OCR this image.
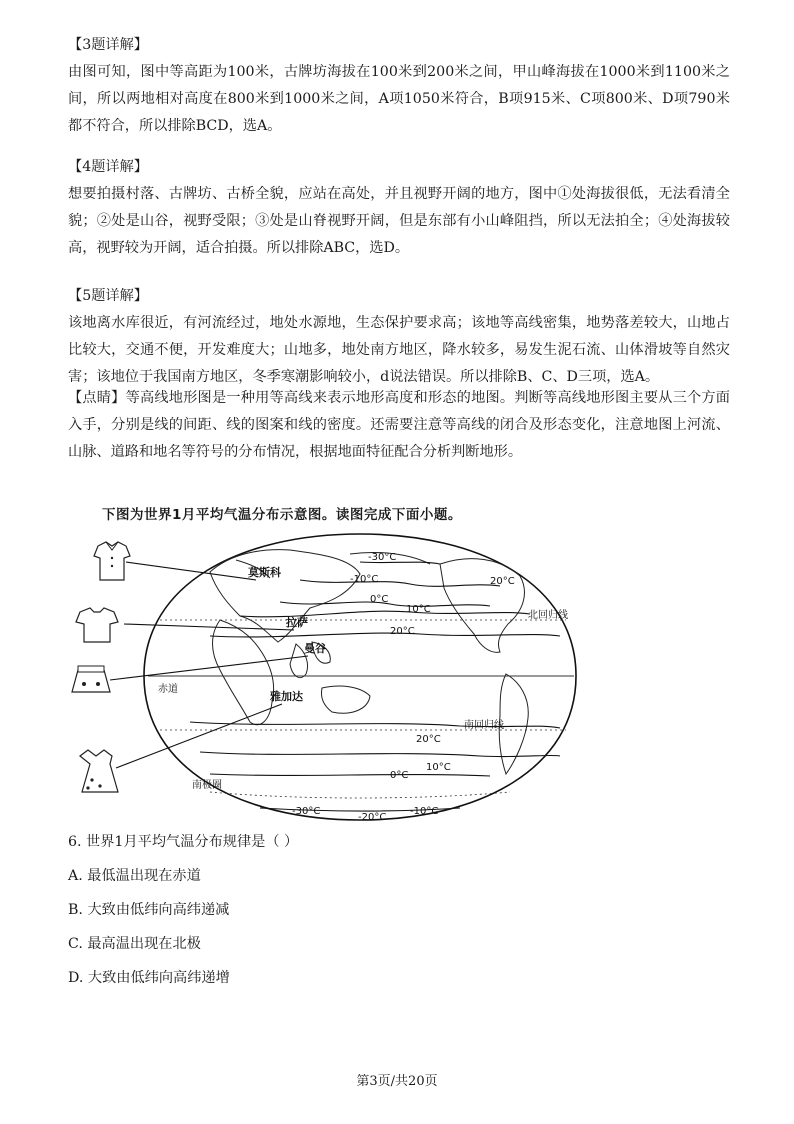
【3题详解】

由图可知，图中等高距为100米，古牌坊海拔在100米到200米之间，甲山峰海拔在1000米到1100米之间，所以两地相对高度在800米到1000米之间，A项1050米符合，B项915米、C项800米、D项790米都不符合，所以排除BCD，选A。

【4题详解】

想要拍摄村落、古牌坊、古桥全貌，应站在高处，并且视野开阔的地方，图中①处海拔很低，无法看清全貌；②处是山谷，视野受限；③处是山脊视野开阔，但是东部有小山峰阻挡，所以无法拍全；④处海拔较高，视野较为开阔，适合拍摄。所以排除ABC，选D。

【5题详解】

该地离水库很近，有河流经过，地处水源地，生态保护要求高；该地等高线密集，地势落差较大，山地占比较大，交通不便，开发难度大；山地多，地处南方地区，降水较多，易发生泥石流、山体滑坡等自然灾害；该地位于我国南方地区，冬季寒潮影响较小，d说法错误。所以排除B、C、D三项，选A。

【点睛】等高线地形图是一种用等高线来表示地形高度和形态的地图。判断等高线地形图主要从三个方面入手，分别是线的间距、线的图案和线的密度。还需要注意等高线的闭合及形态变化，注意地图上河流、山脉、道路和地名等符号的分布情况，根据地面特征配合分析判断地形。

下图为世界1月平均气温分布示意图。读图完成下面小题。
莫斯科
拉萨
曼谷
雅加达
北回归线
赤道
南回归线
南极圈
-30°C
-10°C
0°C
10°C
20°C
20°C
20°C
10°C
0°C
-30°C
-20°C
-10°C
6. 世界1月平均气温分布规律是（ ）
A. 最低温出现在赤道
B. 大致由低纬向高纬递减
C. 最高温出现在北极
D. 大致由低纬向高纬递增
第3页/共20页
